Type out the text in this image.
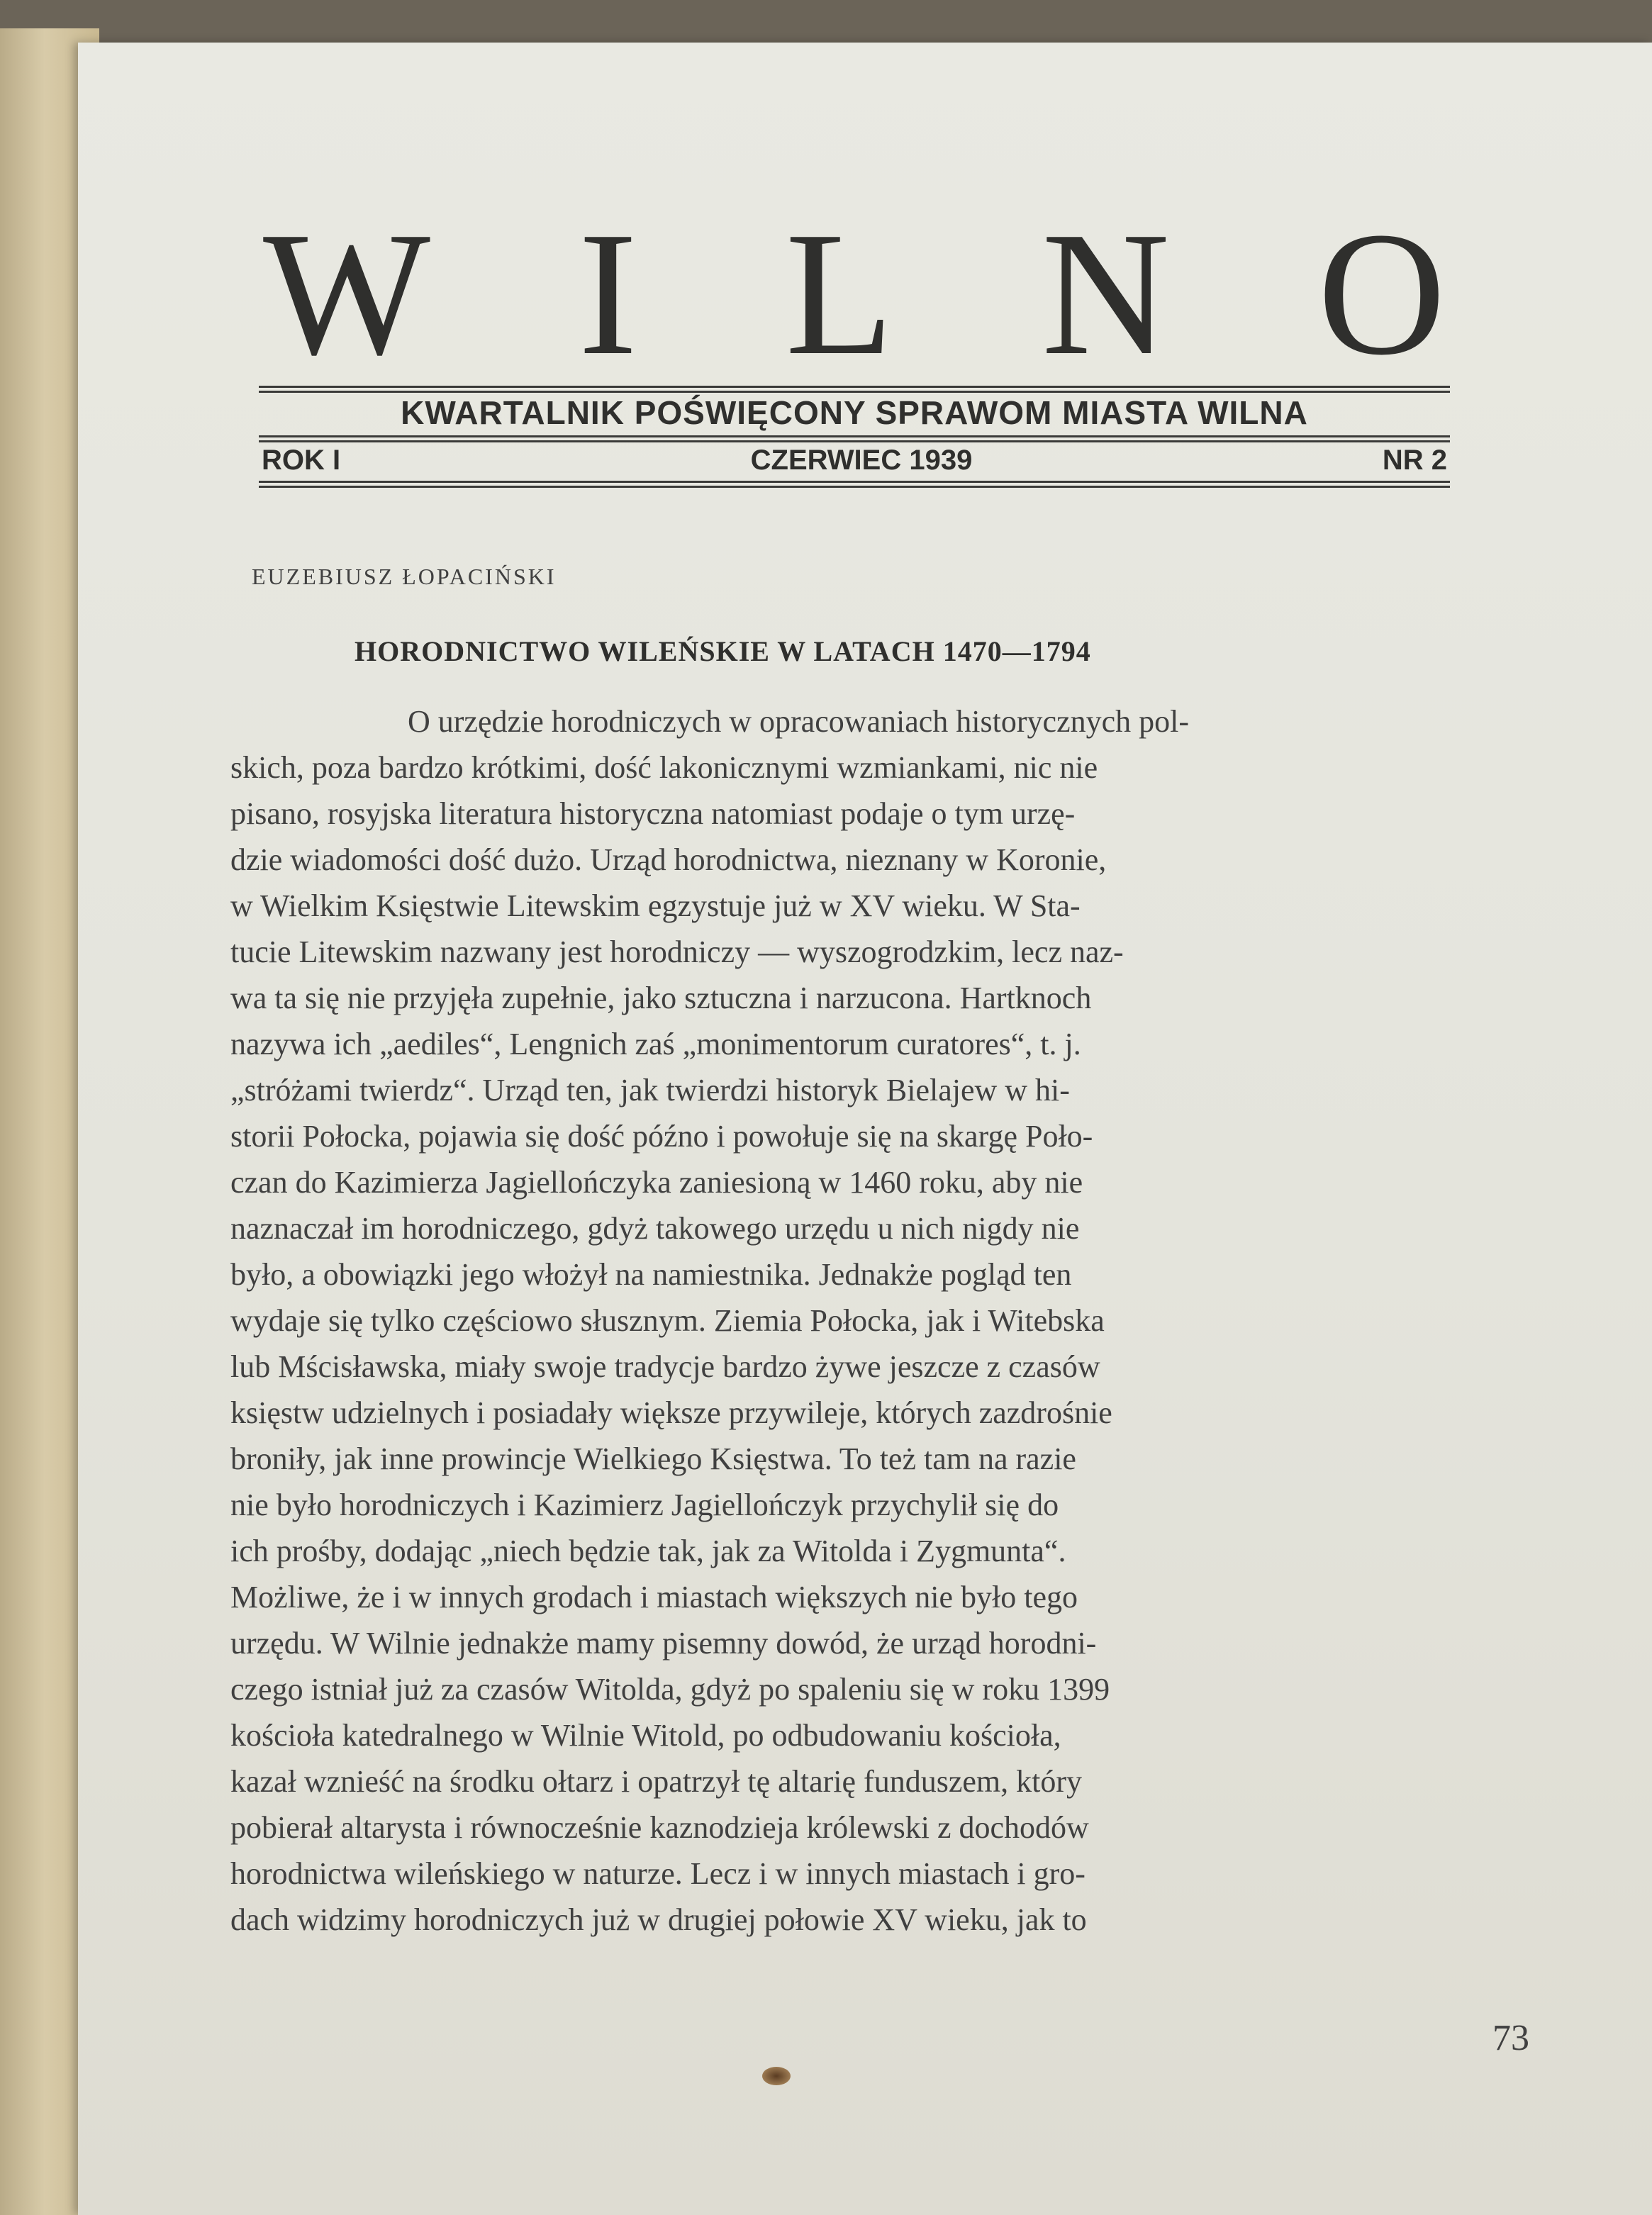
W I L N O
KWARTALNIK POŚWIĘCONY SPRAWOM MIASTA WILNA
ROK I	CZERWIEC 1939	NR 2
EUZEBIUSZ ŁOPACIŃSKI
HORODNICTWO WILEŃSKIE W LATACH 1470—1794
O urzędzie horodniczych w opracowaniach historycznych pol-
skich, poza bardzo krótkimi, dość lakonicznymi wzmiankami, nic nie
pisano, rosyjska literatura historyczna natomiast podaje o tym urzę-
dzie wiadomości dość dużo. Urząd horodnictwa, nieznany w Koronie,
w Wielkim Księstwie Litewskim egzystuje już w XV wieku. W Sta-
tucie Litewskim nazwany jest horodniczy — wyszogrodzkim, lecz naz-
wa ta się nie przyjęła zupełnie, jako sztuczna i narzucona. Hartknoch
nazywa ich „aediles“, Lengnich zaś „monimentorum curatores“, t. j.
„stróżami twierdz“. Urząd ten, jak twierdzi historyk Bielajew w hi-
storii Połocka, pojawia się dość późno i powołuje się na skargę Poło-
czan do Kazimierza Jagiellończyka zaniesioną w 1460 roku, aby nie
naznaczał im horodniczego, gdyż takowego urzędu u nich nigdy nie
było, a obowiązki jego włożył na namiestnika. Jednakże pogląd ten
wydaje się tylko częściowo słusznym. Ziemia Połocka, jak i Witebska
lub Mścisławska, miały swoje tradycje bardzo żywe jeszcze z czasów
księstw udzielnych i posiadały większe przywileje, których zazdrośnie
broniły, jak inne prowincje Wielkiego Księstwa. To też tam na razie
nie było horodniczych i Kazimierz Jagiellończyk przychylił się do
ich prośby, dodając „niech będzie tak, jak za Witolda i Zygmunta“.
Możliwe, że i w innych grodach i miastach większych nie było tego
urzędu. W Wilnie jednakże mamy pisemny dowód, że urząd horodni-
czego istniał już za czasów Witolda, gdyż po spaleniu się w roku 1399
kościoła katedralnego w Wilnie Witold, po odbudowaniu kościoła,
kazał wznieść na środku ołtarz i opatrzył tę altarię funduszem, który
pobierał altarysta i równocześnie kaznodzieja królewski z dochodów
horodnictwa wileńskiego w naturze. Lecz i w innych miastach i gro-
dach widzimy horodniczych już w drugiej połowie XV wieku, jak to
73
